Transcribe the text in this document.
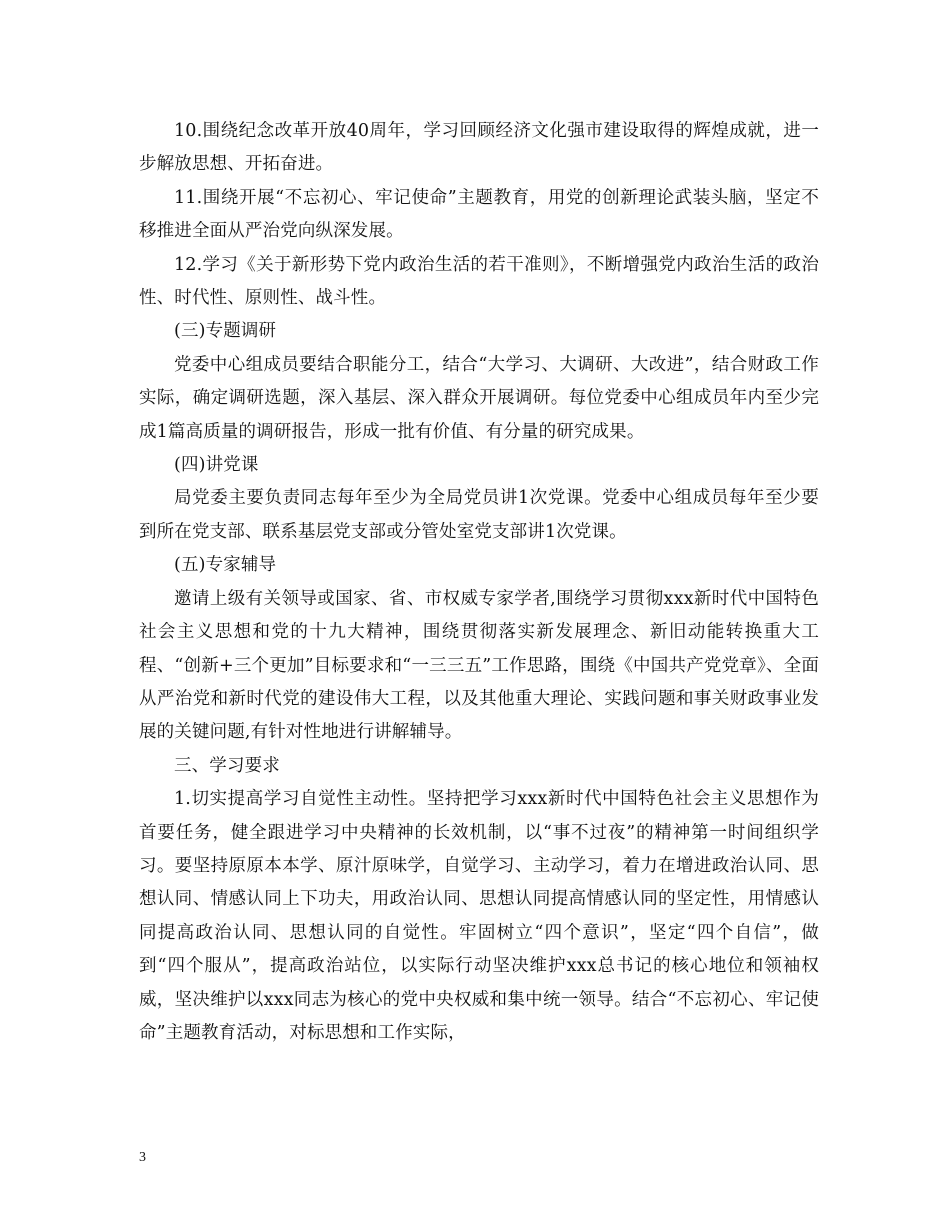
10.围绕纪念改革开放40周年，学习回顾经济文化强市建设取得的辉煌成就，进一步解放思想、开拓奋进。

11.围绕开展“不忘初心、牢记使命”主题教育，用党的创新理论武装头脑，坚定不移推进全面从严治党向纵深发展。

12.学习《关于新形势下党内政治生活的若干准则》，不断增强党内政治生活的政治性、时代性、原则性、战斗性。

(三)专题调研

党委中心组成员要结合职能分工，结合“大学习、大调研、大改进”，结合财政工作实际，确定调研选题，深入基层、深入群众开展调研。每位党委中心组成员年内至少完成1篇高质量的调研报告，形成一批有价值、有分量的研究成果。

(四)讲党课

局党委主要负责同志每年至少为全局党员讲1次党课。党委中心组成员每年至少要到所在党支部、联系基层党支部或分管处室党支部讲1次党课。

(五)专家辅导

邀请上级有关领导或国家、省、市权威专家学者,围绕学习贯彻xxx新时代中国特色社会主义思想和党的十九大精神，围绕贯彻落实新发展理念、新旧动能转换重大工程、“创新+三个更加”目标要求和“一三三五”工作思路，围绕《中国共产党党章》、全面从严治党和新时代党的建设伟大工程，以及其他重大理论、实践问题和事关财政事业发展的关键问题,有针对性地进行讲解辅导。

三、学习要求

1.切实提高学习自觉性主动性。坚持把学习xxx新时代中国特色社会主义思想作为首要任务，健全跟进学习中央精神的长效机制，以“事不过夜”的精神第一时间组织学习。要坚持原原本本学、原汁原味学，自觉学习、主动学习，着力在增进政治认同、思想认同、情感认同上下功夫，用政治认同、思想认同提高情感认同的坚定性，用情感认同提高政治认同、思想认同的自觉性。牢固树立“四个意识”，坚定“四个自信”，做到“四个服从”，提高政治站位，以实际行动坚决维护xxx总书记的核心地位和领袖权威，坚决维护以xxx同志为核心的党中央权威和集中统一领导。结合“不忘初心、牢记使命”主题教育活动，对标思想和工作实际，

3
